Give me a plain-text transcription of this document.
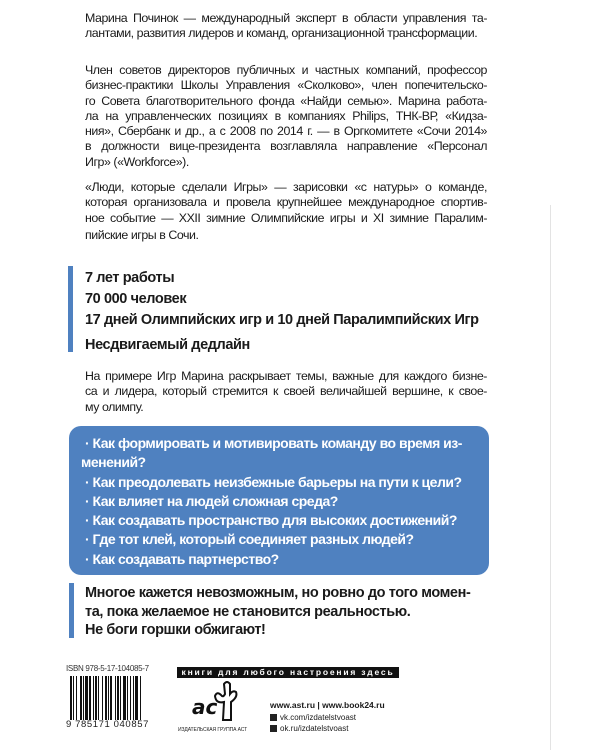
Марина Починок — международный эксперт в области управления та-
лантами, развития лидеров и команд, организационной трансформации.
Член советов директоров публичных и частных компаний, профессор
бизнес-практики Школы Управления «Сколково», член попечительско-
го Совета благотворительного фонда «Найди семью». Марина работа-
ла на управленческих позициях в компаниях Philips, ТНК-ВР, «Кидза-
ния», Сбербанк и др., а с 2008 по 2014 г. — в Оргкомитете «Сочи 2014»
в должности вице-президента возглавляла направление «Персонал
Игр» («Workforce»).
«Люди, которые сделали Игры» — зарисовки «с натуры» о команде,
которая организовала и провела крупнейшее международное спортив-
ное событие — XXII зимние Олимпийские игры и XI зимние Паралим-
пийские игры в Сочи.
7 лет работы
70 000 человек
17 дней Олимпийских игр и 10 дней Паралимпийских Игр
Несдвигаемый дедлайн
На примере Игр Марина раскрывает темы, важные для каждого бизне-
са и лидера, который стремится к своей величайшей вершине, к свое-
му олимпу.
· Как формировать и мотивировать команду во время из-
менений?
· Как преодолевать неизбежные барьеры на пути к цели?
· Как влияет на людей сложная среда?
· Как создавать пространство для высоких достижений?
· Где тот клей, который соединяет разных людей?
· Как создавать партнерство?
Многое кажется невозможным, но ровно до того момен-
та, пока желаемое не становится реальностью.
Не боги горшки обжигают!
ISBN 978-5-17-104085-7
9 785171 040857
книги для любого настроения здесь
ас
ИЗДАТЕЛЬСКАЯ ГРУППА АСТ
www.ast.ru | www.book24.ru
vk.com/izdatelstvoast
ok.ru/izdatelstvoast
